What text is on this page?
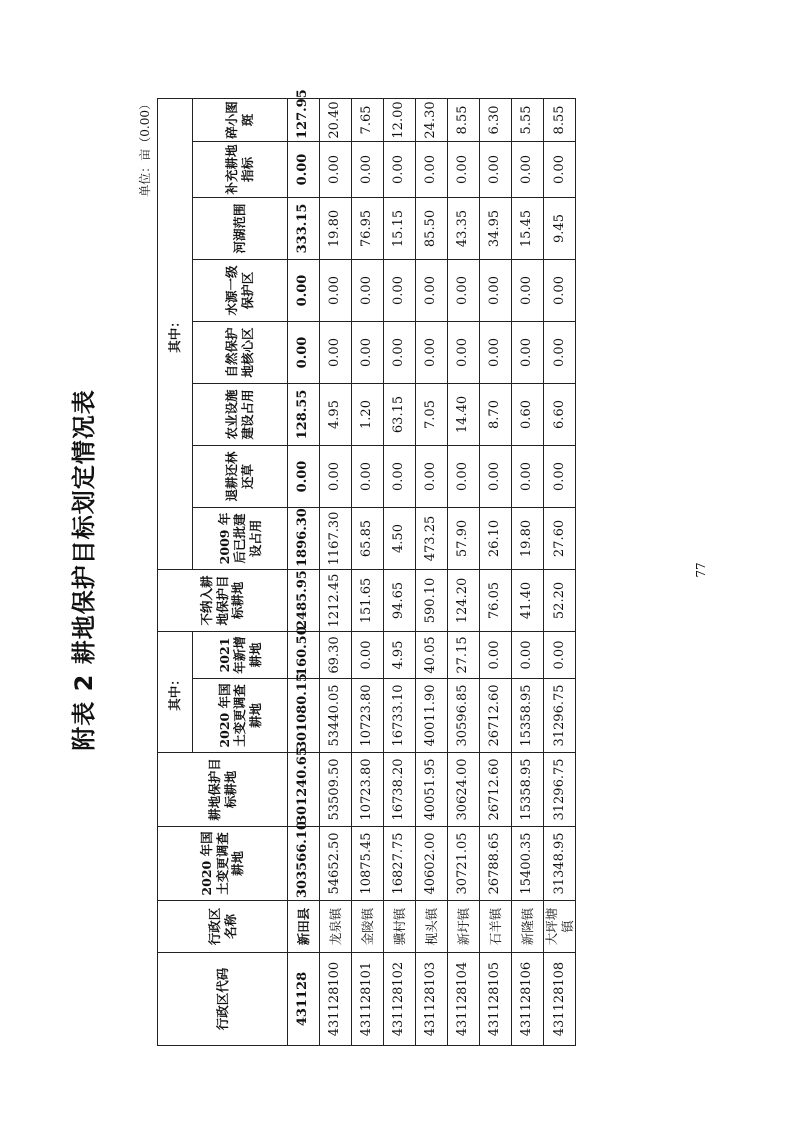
附表 2 耕地保护目标划定情况表
单位：亩（0.00）
行政区代码	行政区名称	2020 年国土变更调查耕地	耕地保护目标耕地	其中：		不纳入耕地保护目标耕地	其中：							
				2020 年国土变更调查耕地	2021 年新增耕地		2009 年后已批建设占用	退耕还林还草	农业设施建设占用	自然保护地核心区	水源一级保护区	河湖范围	补充耕地指标	碎小图斑
431128	新田县	303566.10	301240.65	301080.15	160.50	2485.95	1896.30	0.00	128.55	0.00	0.00	333.15	0.00	127.95
431128100	龙泉镇	54652.50	53509.50	53440.05	69.30	1212.45	1167.30	0.00	4.95	0.00	0.00	19.80	0.00	20.40
431128101	金陵镇	10875.45	10723.80	10723.80	0.00	151.65	65.85	0.00	1.20	0.00	0.00	76.95	0.00	7.65
431128102	骥村镇	16827.75	16738.20	16733.10	4.95	94.65	4.50	0.00	63.15	0.00	0.00	15.15	0.00	12.00
431128103	枧头镇	40602.00	40051.95	40011.90	40.05	590.10	473.25	0.00	7.05	0.00	0.00	85.50	0.00	24.30
431128104	新圩镇	30721.05	30624.00	30596.85	27.15	124.20	57.90	0.00	14.40	0.00	0.00	43.35	0.00	8.55
431128105	石羊镇	26788.65	26712.60	26712.60	0.00	76.05	26.10	0.00	8.70	0.00	0.00	34.95	0.00	6.30
431128106	新隆镇	15400.35	15358.95	15358.95	0.00	41.40	19.80	0.00	0.60	0.00	0.00	15.45	0.00	5.55
431128108	大坪塘镇	31348.95	31296.75	31296.75	0.00	52.20	27.60	0.00	6.60	0.00	0.00	9.45	0.00	8.55
77
